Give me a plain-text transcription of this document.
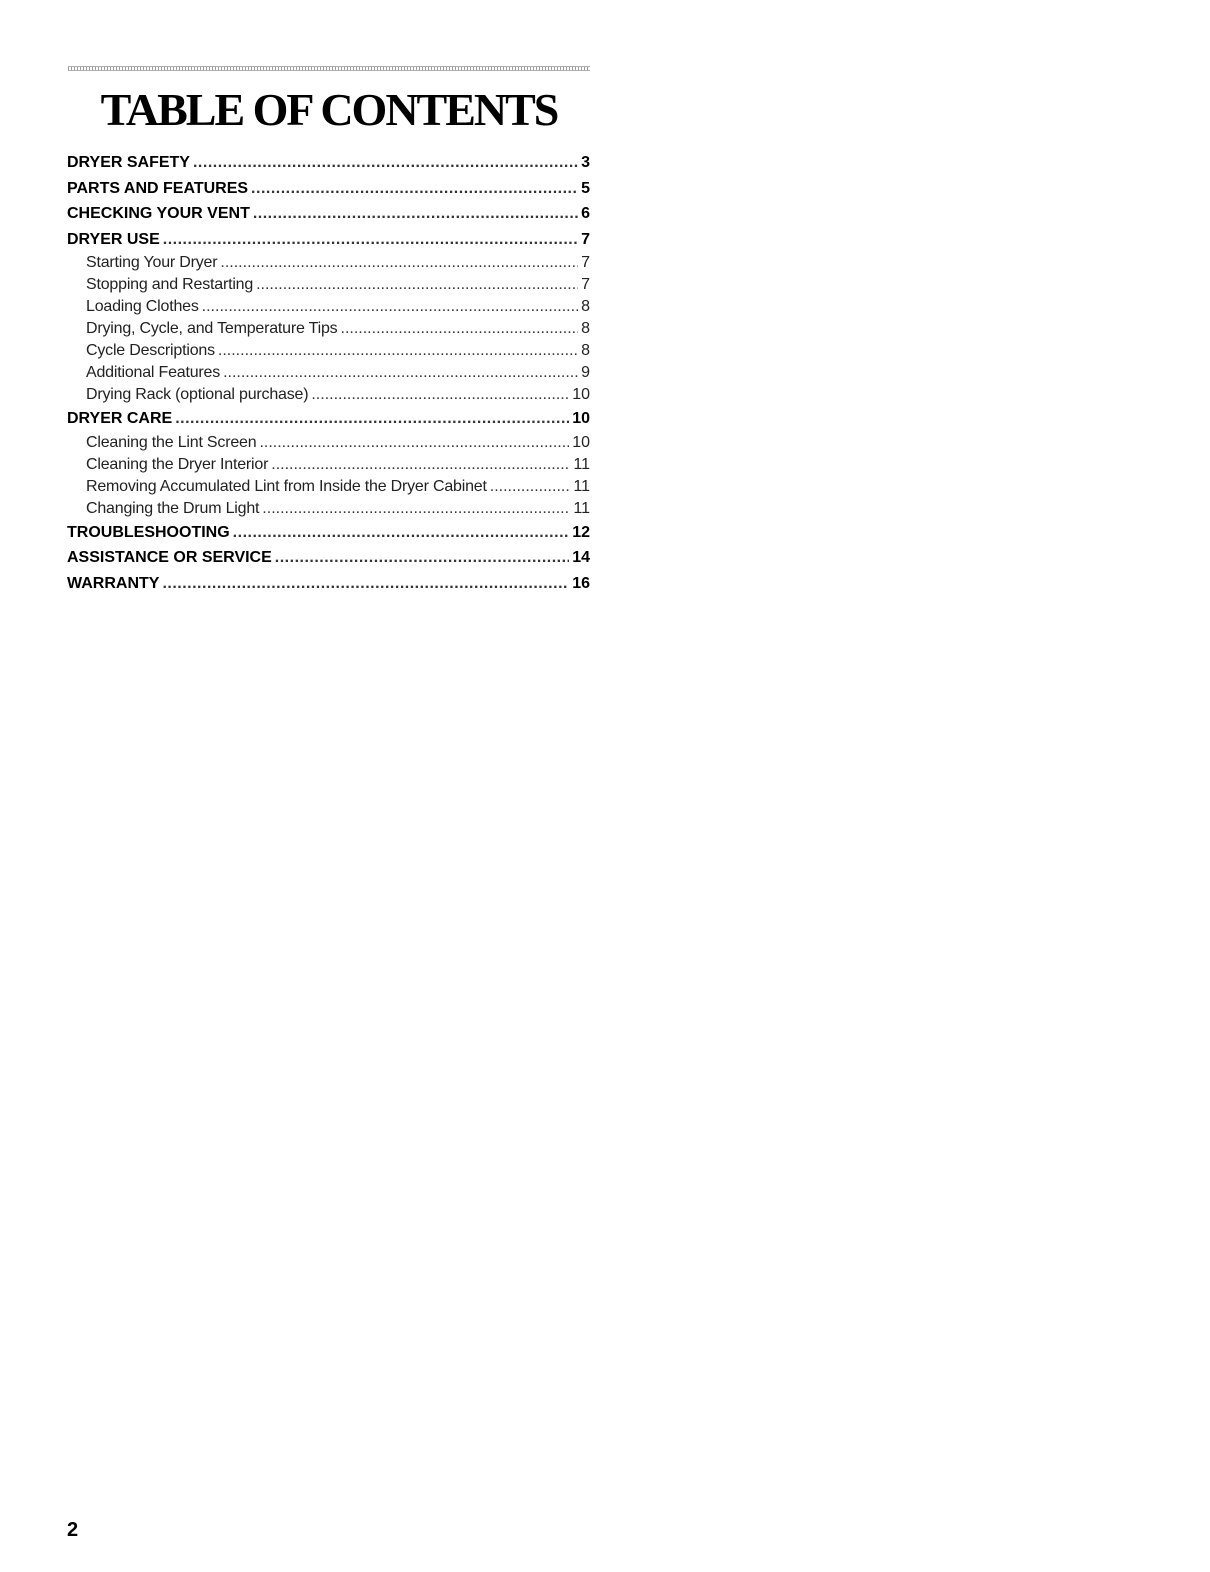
TABLE OF CONTENTS
DRYER SAFETY .....	3
PARTS AND FEATURES .....	5
CHECKING YOUR VENT .....	6
DRYER USE .....	7
Starting Your Dryer .....	7
Stopping and Restarting .....	7
Loading Clothes .....	8
Drying, Cycle, and Temperature Tips .....	8
Cycle Descriptions .....	8
Additional Features .....	9
Drying Rack (optional purchase) .....	10
DRYER CARE .....	10
Cleaning the Lint Screen .....	10
Cleaning the Dryer Interior .....	11
Removing Accumulated Lint from Inside the Dryer Cabinet .....	11
Changing the Drum Light .....	11
TROUBLESHOOTING .....	12
ASSISTANCE OR SERVICE .....	14
WARRANTY .....	16
2
